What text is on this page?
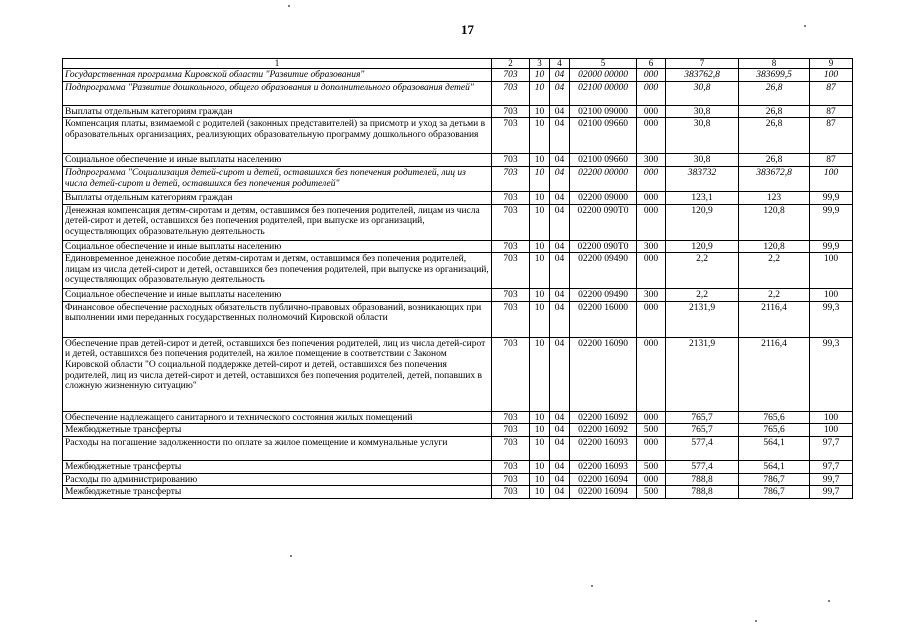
17
1	2	3	4	5	6	7	8	9
Государственная программа Кировской области "Развитие образования"	703	10	04	02000 00000	000	383762,8	383699,5	100
Подпрограмма "Развитие дошкольного, общего образования и дополнительного образования детей"	703	10	04	02100 00000	000	30,8	26,8	87
Выплаты отдельным категориям граждан	703	10	04	02100 09000	000	30,8	26,8	87
Компенсация платы, взимаемой с родителей (законных представителей) за присмотр и уход за детьми в образовательных организациях, реализующих образовательную программу дошкольного образования	703	10	04	02100 09660	000	30,8	26,8	87
Социальное обеспечение и иные выплаты населению	703	10	04	02100 09660	300	30,8	26,8	87
Подпрограмма "Социализация детей-сирот и детей, оставшихся без попечения родителей, лиц из числа детей-сирот и детей, оставшихся без попечения родителей"	703	10	04	02200 00000	000	383732	383672,8	100
Выплаты отдельным категориям граждан	703	10	04	02200 09000	000	123,1	123	99,9
Денежная компенсация детям-сиротам и детям, оставшимся без попечения родителей, лицам из числа детей-сирот и детей, оставшихся без попечения родителей, при выпуске из организаций, осуществляющих образовательную деятельность	703	10	04	02200 090T0	000	120,9	120,8	99,9
Социальное обеспечение и иные выплаты населению	703	10	04	02200 090T0	300	120,9	120,8	99,9
Единовременное денежное пособие детям-сиротам и детям, оставшимся без попечения родителей, лицам из числа детей-сирот и детей, оставшихся без попечения родителей, при выпуске из организаций, осуществляющих образовательную деятельность	703	10	04	02200 09490	000	2,2	2,2	100
Социальное обеспечение и иные выплаты населению	703	10	04	02200 09490	300	2,2	2,2	100
Финансовое обеспечение расходных обязательств публично-правовых образований, возникающих при выполнении ими переданных государственных полномочий Кировской области	703	10	04	02200 16000	000	2131,9	2116,4	99,3
Обеспечение прав детей-сирот и детей, оставшихся без попечения родителей, лиц из числа детей-сирот и детей, оставшихся без попечения родителей, на жилое помещение в соответствии с Законом Кировской области "О социальной поддержке детей-сирот и детей, оставшихся без попечения родителей, лиц из числа детей-сирот и детей, оставшихся без попечения родителей, детей, попавших в сложную жизненную ситуацию"	703	10	04	02200 16090	000	2131,9	2116,4	99,3
Обеспечение надлежащего санитарного и технического состояния жилых помещений	703	10	04	02200 16092	000	765,7	765,6	100
Межбюджетные трансферты	703	10	04	02200 16092	500	765,7	765,6	100
Расходы на погашение задолженности по оплате за жилое помещение и коммунальные услуги	703	10	04	02200 16093	000	577,4	564,1	97,7
Межбюджетные трансферты	703	10	04	02200 16093	500	577,4	564,1	97,7
Расходы по администрированию	703	10	04	02200 16094	000	788,8	786,7	99,7
Межбюджетные трансферты	703	10	04	02200 16094	500	788,8	786,7	99,7
